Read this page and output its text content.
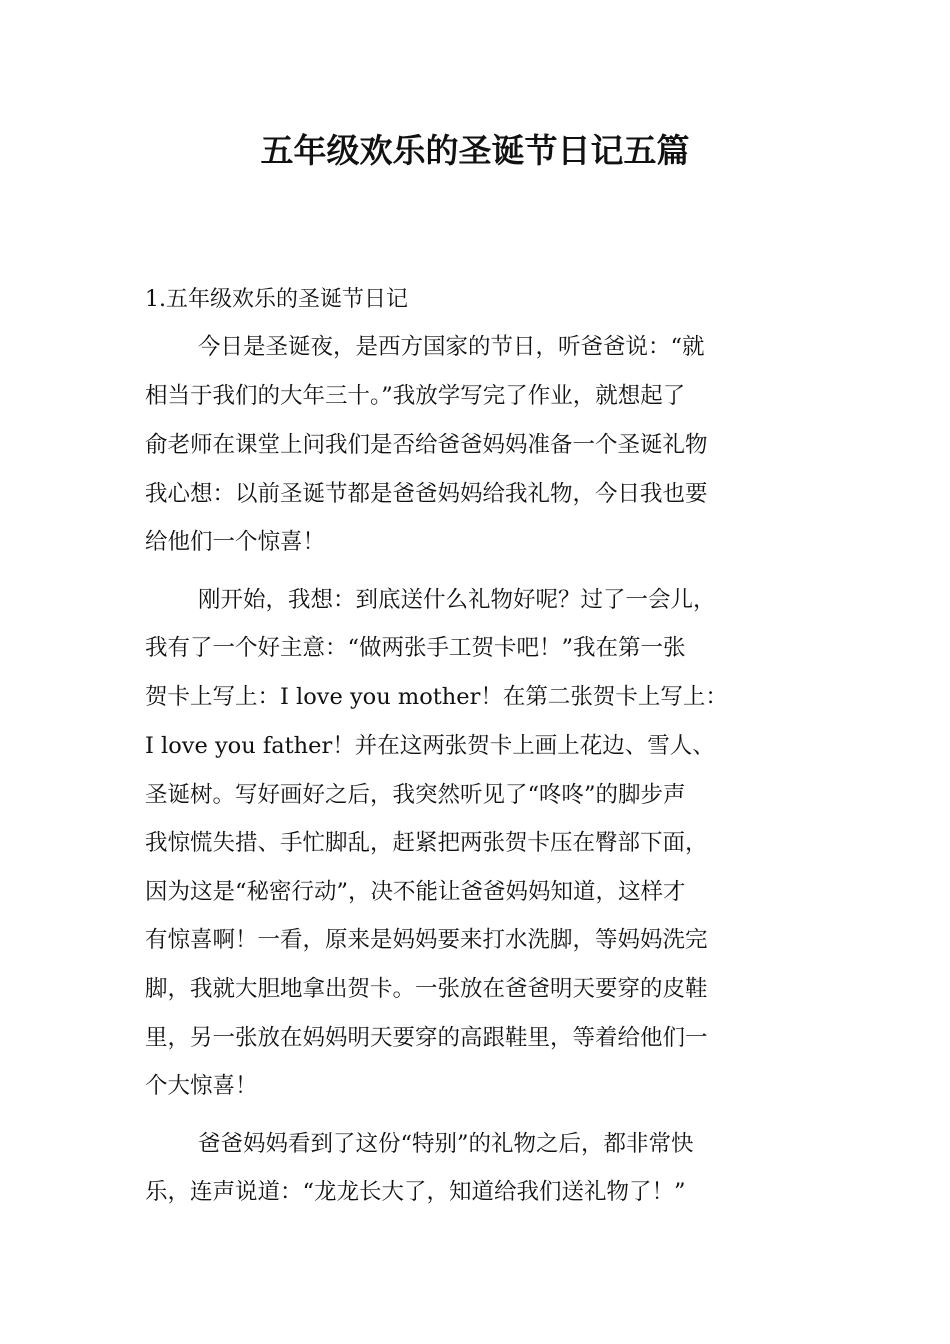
五年级欢乐的圣诞节日记五篇
1.五年级欢乐的圣诞节日记
今日是圣诞夜，是西方国家的节日，听爸爸说：“就
相当于我们的大年三十。”我放学写完了作业，就想起了
俞老师在课堂上问我们是否给爸爸妈妈准备一个圣诞礼物
我心想：以前圣诞节都是爸爸妈妈给我礼物，今日我也要
给他们一个惊喜！
刚开始，我想：到底送什么礼物好呢？过了一会儿，
我有了一个好主意：“做两张手工贺卡吧！”我在第一张
贺卡上写上：I love you mother！在第二张贺卡上写上：
I love you father！并在这两张贺卡上画上花边、雪人、
圣诞树。写好画好之后，我突然听见了“咚咚”的脚步声
我惊慌失措、手忙脚乱，赶紧把两张贺卡压在臀部下面，
因为这是“秘密行动”，决不能让爸爸妈妈知道，这样才
有惊喜啊！一看，原来是妈妈要来打水洗脚，等妈妈洗完
脚，我就大胆地拿出贺卡。一张放在爸爸明天要穿的皮鞋
里，另一张放在妈妈明天要穿的高跟鞋里，等着给他们一
个大惊喜！
爸爸妈妈看到了这份“特别”的礼物之后，都非常快
乐，连声说道：“龙龙长大了，知道给我们送礼物了！”
